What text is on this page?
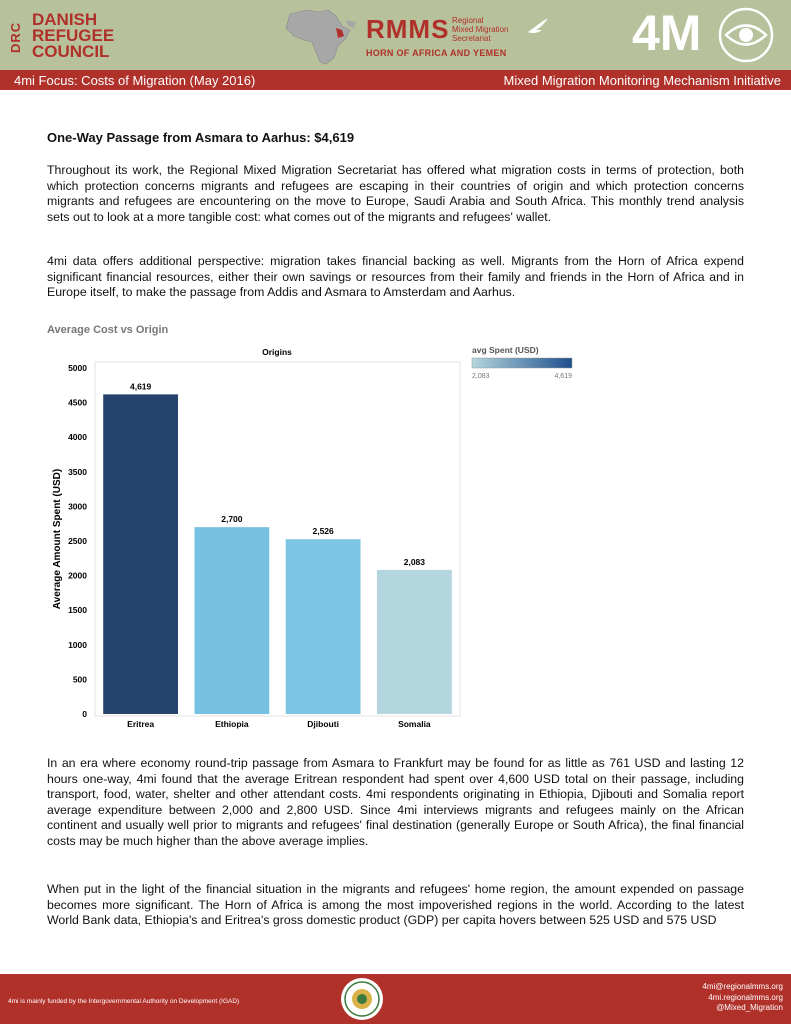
DRC
DANISH
REFUGEE
COUNCIL
RMMS Regional
Mixed Migration
Secretariat
HORN OF AFRICA AND YEMEN	4M
4mi Focus: Costs of Migration (May 2016)	Mixed Migration Monitoring Mechanism Initiative
One-Way Passage from Asmara to Aarhus: $4,619
Throughout its work, the Regional Mixed Migration Secretariat has offered what migration costs in terms of protection, both which protection concerns migrants and refugees are escaping in their countries of origin and which protection concerns migrants and refugees are encountering on the move to Europe, Saudi Arabia and South Africa. This monthly trend analysis sets out to look at a more tangible cost: what comes out of the migrants and refugees' wallet.
4mi data offers additional perspective: migration takes financial backing as well. Migrants from the Horn of Africa expend significant financial resources, either their own savings or resources from their family and friends in the Horn of Africa and in Europe itself, to make the passage from Addis and Asmara to Amsterdam and Aarhus.
Average Cost vs Origin
Origins
Average Amount Spent (USD)
0
500
1000
1500
2000
2500
3000
3500
4000
4500
5000
4,619
Eritrea
2,700
Ethiopia
2,526
Djibouti
2,083
Somalia
avg Spent (USD)
2,083	4,619
In an era where economy round-trip passage from Asmara to Frankfurt may be found for as little as 761 USD and lasting 12 hours one-way, 4mi found that the average Eritrean respondent had spent over 4,600 USD total on their passage, including transport, food, water, shelter and other attendant costs. 4mi respondents originating in Ethiopia, Djibouti and Somalia report average expenditure between 2,000 and 2,800 USD. Since 4mi interviews migrants and refugees mainly on the African continent and usually well prior to migrants and refugees' final destination (generally Europe or South Africa), the final financial costs may be much higher than the above average implies.
When put in the light of the financial situation in the migrants and refugees' home region, the amount expended on passage becomes more significant. The Horn of Africa is among the most impoverished regions in the world. According to the latest World Bank data, Ethiopia's and Eritrea's gross domestic product (GDP) per capita hovers between 525 USD and 575 USD
4mi is mainly funded by the Intergovernmental Authority on Development (IGAD)
4mi@regionalmms.org
4mi.regionalmms.org
@Mixed_Migration
